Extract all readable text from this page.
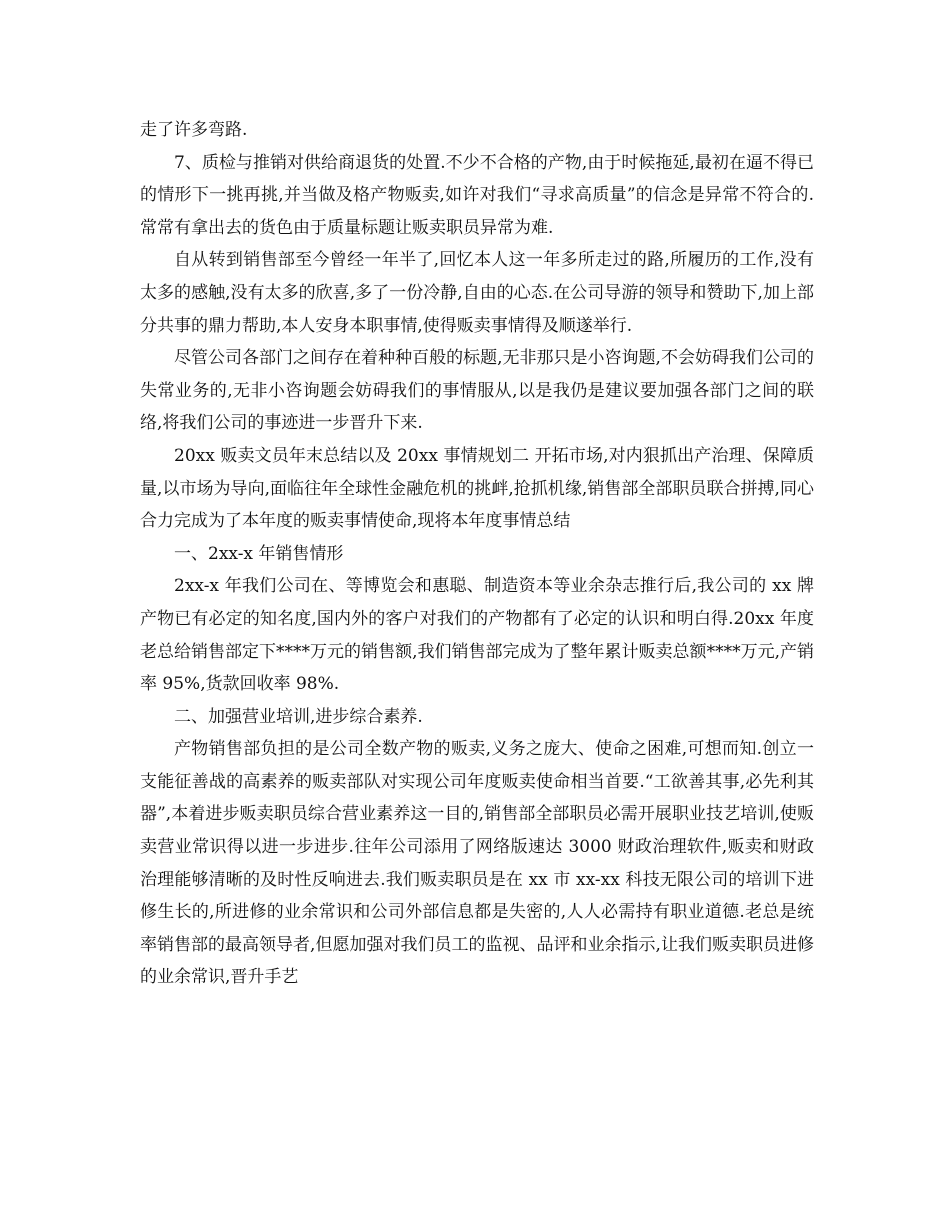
走了许多弯路.

7、质检与推销对供给商退货的处置.不少不合格的产物,由于时候拖延,最初在逼不得已的情形下一挑再挑,并当做及格产物贩卖,如许对我们“寻求高质量”的信念是异常不符合的.常常有拿出去的货色由于质量标题让贩卖职员异常为难.

自从转到销售部至今曾经一年半了,回忆本人这一年多所走过的路,所履历的工作,没有太多的感触,没有太多的欣喜,多了一份冷静,自由的心态.在公司导游的领导和赞助下,加上部分共事的鼎力帮助,本人安身本职事情,使得贩卖事情得及顺遂举行.

尽管公司各部门之间存在着种种百般的标题,无非那只是小咨询题,不会妨碍我们公司的失常业务的,无非小咨询题会妨碍我们的事情服从,以是我仍是建议要加强各部门之间的联络,将我们公司的事迹进一步晋升下来.

20xx 贩卖文员年末总结以及 20xx 事情规划二 开拓市场,对内狠抓出产治理、保障质量,以市场为导向,面临往年全球性金融危机的挑衅,抢抓机缘,销售部全部职员联合拼搏,同心合力完成为了本年度的贩卖事情使命,现将本年度事情总结

一、2xx-x 年销售情形

2xx-x 年我们公司在、等博览会和惠聪、制造资本等业余杂志推行后,我公司的 xx 牌产物已有必定的知名度,国内外的客户对我们的产物都有了必定的认识和明白得.20xx 年度老总给销售部定下****万元的销售额,我们销售部完成为了整年累计贩卖总额****万元,产销率 95%,货款回收率 98%.

二、加强营业培训,进步综合素养.

产物销售部负担的是公司全数产物的贩卖,义务之庞大、使命之困难,可想而知.创立一支能征善战的高素养的贩卖部队对实现公司年度贩卖使命相当首要.“工欲善其事,必先利其器”,本着进步贩卖职员综合营业素养这一目的,销售部全部职员必需开展职业技艺培训,使贩卖营业常识得以进一步进步.往年公司添用了网络版速达 3000 财政治理软件,贩卖和财政治理能够清晰的及时性反响进去.我们贩卖职员是在 xx 市 xx-xx 科技无限公司的培训下进修生长的,所进修的业余常识和公司外部信息都是失密的,人人必需持有职业道德.老总是统率销售部的最高领导者,但愿加强对我们员工的监视、品评和业余指示,让我们贩卖职员进修的业余常识,晋升手艺
